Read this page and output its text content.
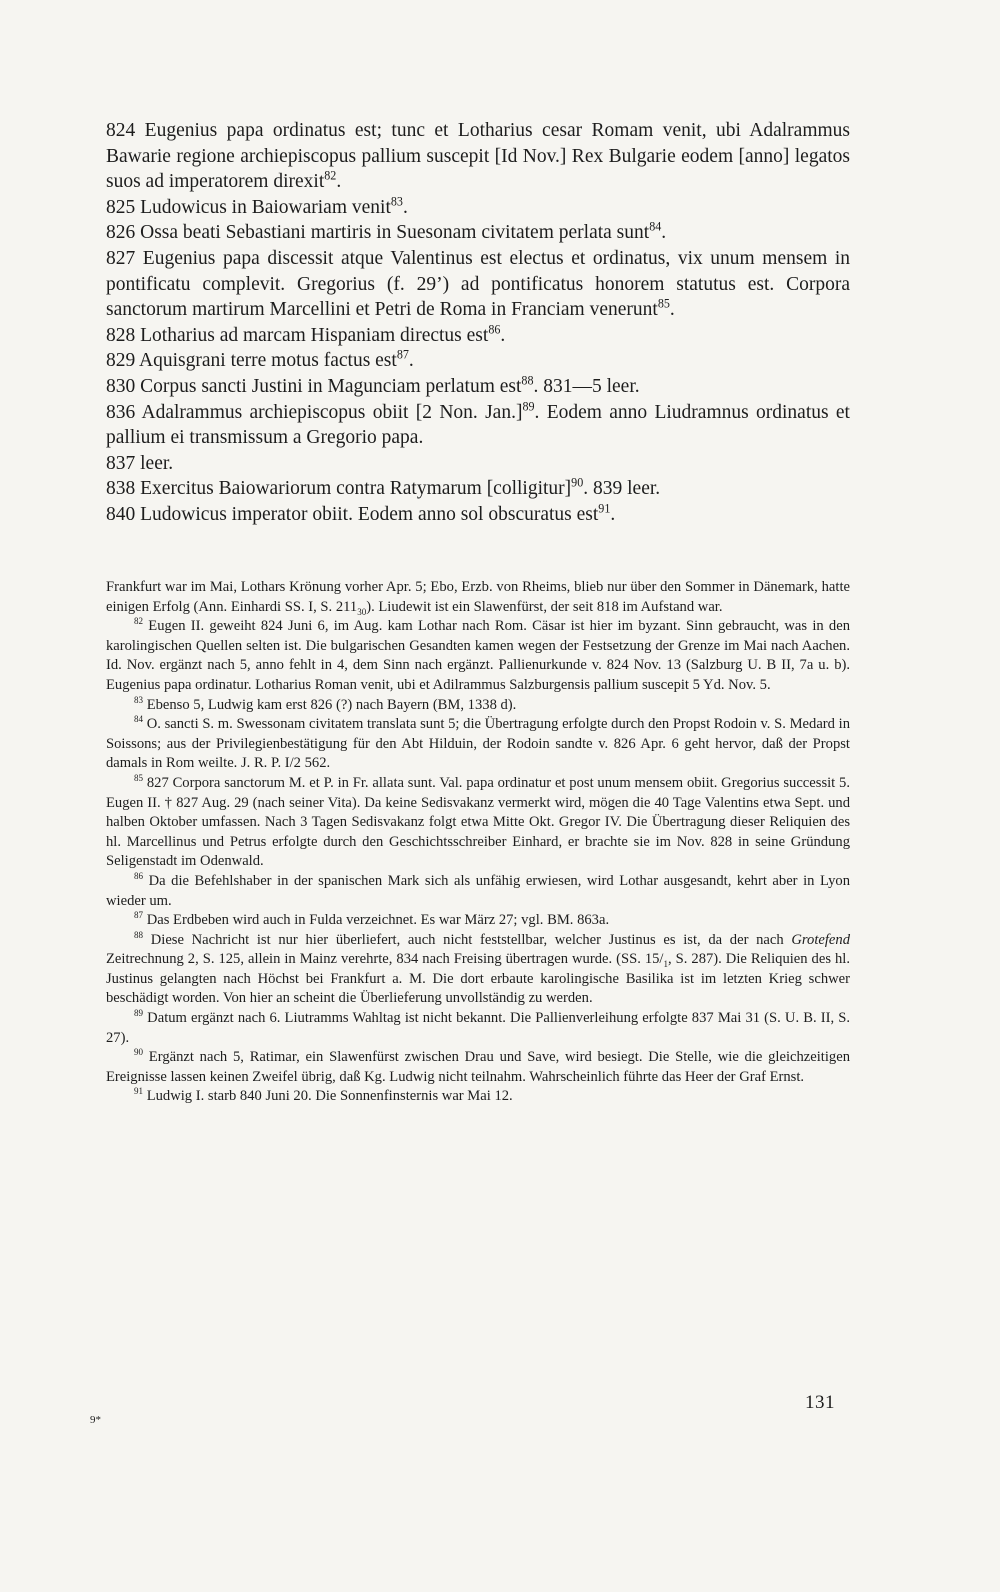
824 Eugenius papa ordinatus est; tunc et Lotharius cesar Romam venit, ubi Adalrammus Bawarie regione archiepiscopus pallium suscepit [Id Nov.] Rex Bulgarie eodem [anno] legatos suos ad imperatorem direxit$^{82}$.

825 Ludowicus in Baiowariam venit$^{83}$.

826 Ossa beati Sebastiani martiris in Suesonam civitatem perlata sunt$^{84}$.

827 Eugenius papa discessit atque Valentinus est electus et ordinatus, vix unum mensem in pontificatu complevit. Gregorius (f. 29’) ad pontificatus honorem statutus est. Corpora sanctorum martirum Marcellini et Petri de Roma in Franciam venerunt$^{85}$.

828 Lotharius ad marcam Hispaniam directus est$^{86}$.

829 Aquisgrani terre motus factus est$^{87}$.

830 Corpus sancti Justini in Magunciam perlatum est$^{88}$. 831—5 leer.

836 Adalrammus archiepiscopus obiit [2 Non. Jan.]$^{89}$. Eodem anno Liudramnus ordinatus et pallium ei transmissum a Gregorio papa.

837 leer.

838 Exercitus Baiowariorum contra Ratymarum [colligitur]$^{90}$. 839 leer.

840 Ludowicus imperator obiit. Eodem anno sol obscuratus est$^{91}$.

Frankfurt war im Mai, Lothars Krönung vorher Apr. 5; Ebo, Erzb. von Rheims, blieb nur über den Sommer in Dänemark, hatte einigen Erfolg (Ann. Einhardi SS. I, S. $211_{30}$). Liudewit ist ein Slawenfürst, der seit 818 im Aufstand war.

$^{82}$ Eugen II. geweiht 824 Juni 6, im Aug. kam Lothar nach Rom. Cäsar ist hier im byzant. Sinn gebraucht, was in den karolingischen Quellen selten ist. Die bulgarischen Gesandten kamen wegen der Festsetzung der Grenze im Mai nach Aachen. Id. Nov. ergänzt nach 5, anno fehlt in 4, dem Sinn nach ergänzt. Pallienurkunde v. 824 Nov. 13 (Salzburg U. B II, 7a u. b). Eugenius papa ordinatur. Lotharius Roman venit, ubi et Adilrammus Salzburgensis pallium suscepit 5 Yd. Nov. 5.

$^{83}$ Ebenso 5, Ludwig kam erst 826 (?) nach Bayern (BM, 1338 d).

$^{84}$ O. sancti S. m. Swessonam civitatem translata sunt 5; die Übertragung erfolgte durch den Propst Rodoin v. S. Medard in Soissons; aus der Privilegienbestätigung für den Abt Hilduin, der Rodoin sandte v. 826 Apr. 6 geht hervor, daß der Propst damals in Rom weilte. J. R. P. I/2 562.

$^{85}$ 827 Corpora sanctorum M. et P. in Fr. allata sunt. Val. papa ordinatur et post unum mensem obiit. Gregorius successit 5. Eugen II. † 827 Aug. 29 (nach seiner Vita). Da keine Sedisvakanz vermerkt wird, mögen die 40 Tage Valentins etwa Sept. und halben Oktober umfassen. Nach 3 Tagen Sedisvakanz folgt etwa Mitte Okt. Gregor IV. Die Übertragung dieser Reliquien des hl. Marcellinus und Petrus erfolgte durch den Geschichtsschreiber Einhard, er brachte sie im Nov. 828 in seine Gründung Seligenstadt im Odenwald.

$^{86}$ Da die Befehlshaber in der spanischen Mark sich als unfähig erwiesen, wird Lothar ausgesandt, kehrt aber in Lyon wieder um.

$^{87}$ Das Erdbeben wird auch in Fulda verzeichnet. Es war März 27; vgl. BM. 863a.

$^{88}$ Diese Nachricht ist nur hier überliefert, auch nicht feststellbar, welcher Justinus es ist, da der nach Grotefend Zeitrechnung 2, S. 125, allein in Mainz verehrte, 834 nach Freising übertragen wurde. (SS. $15/_1$, S. 287). Die Reliquien des hl. Justinus gelangten nach Höchst bei Frankfurt a. M. Die dort erbaute karolingische Basilika ist im letzten Krieg schwer beschädigt worden. Von hier an scheint die Überlieferung unvollständig zu werden.

$^{89}$ Datum ergänzt nach 6. Liutramms Wahltag ist nicht bekannt. Die Pallienverleihung erfolgte 837 Mai 31 (S. U. B. II, S. 27).

$^{90}$ Ergänzt nach 5, Ratimar, ein Slawenfürst zwischen Drau und Save, wird besiegt. Die Stelle, wie die gleichzeitigen Ereignisse lassen keinen Zweifel übrig, daß Kg. Ludwig nicht teilnahm. Wahrscheinlich führte das Heer der Graf Ernst.

$^{91}$ Ludwig I. starb 840 Juni 20. Die Sonnenfinsternis war Mai 12.

131
9*
